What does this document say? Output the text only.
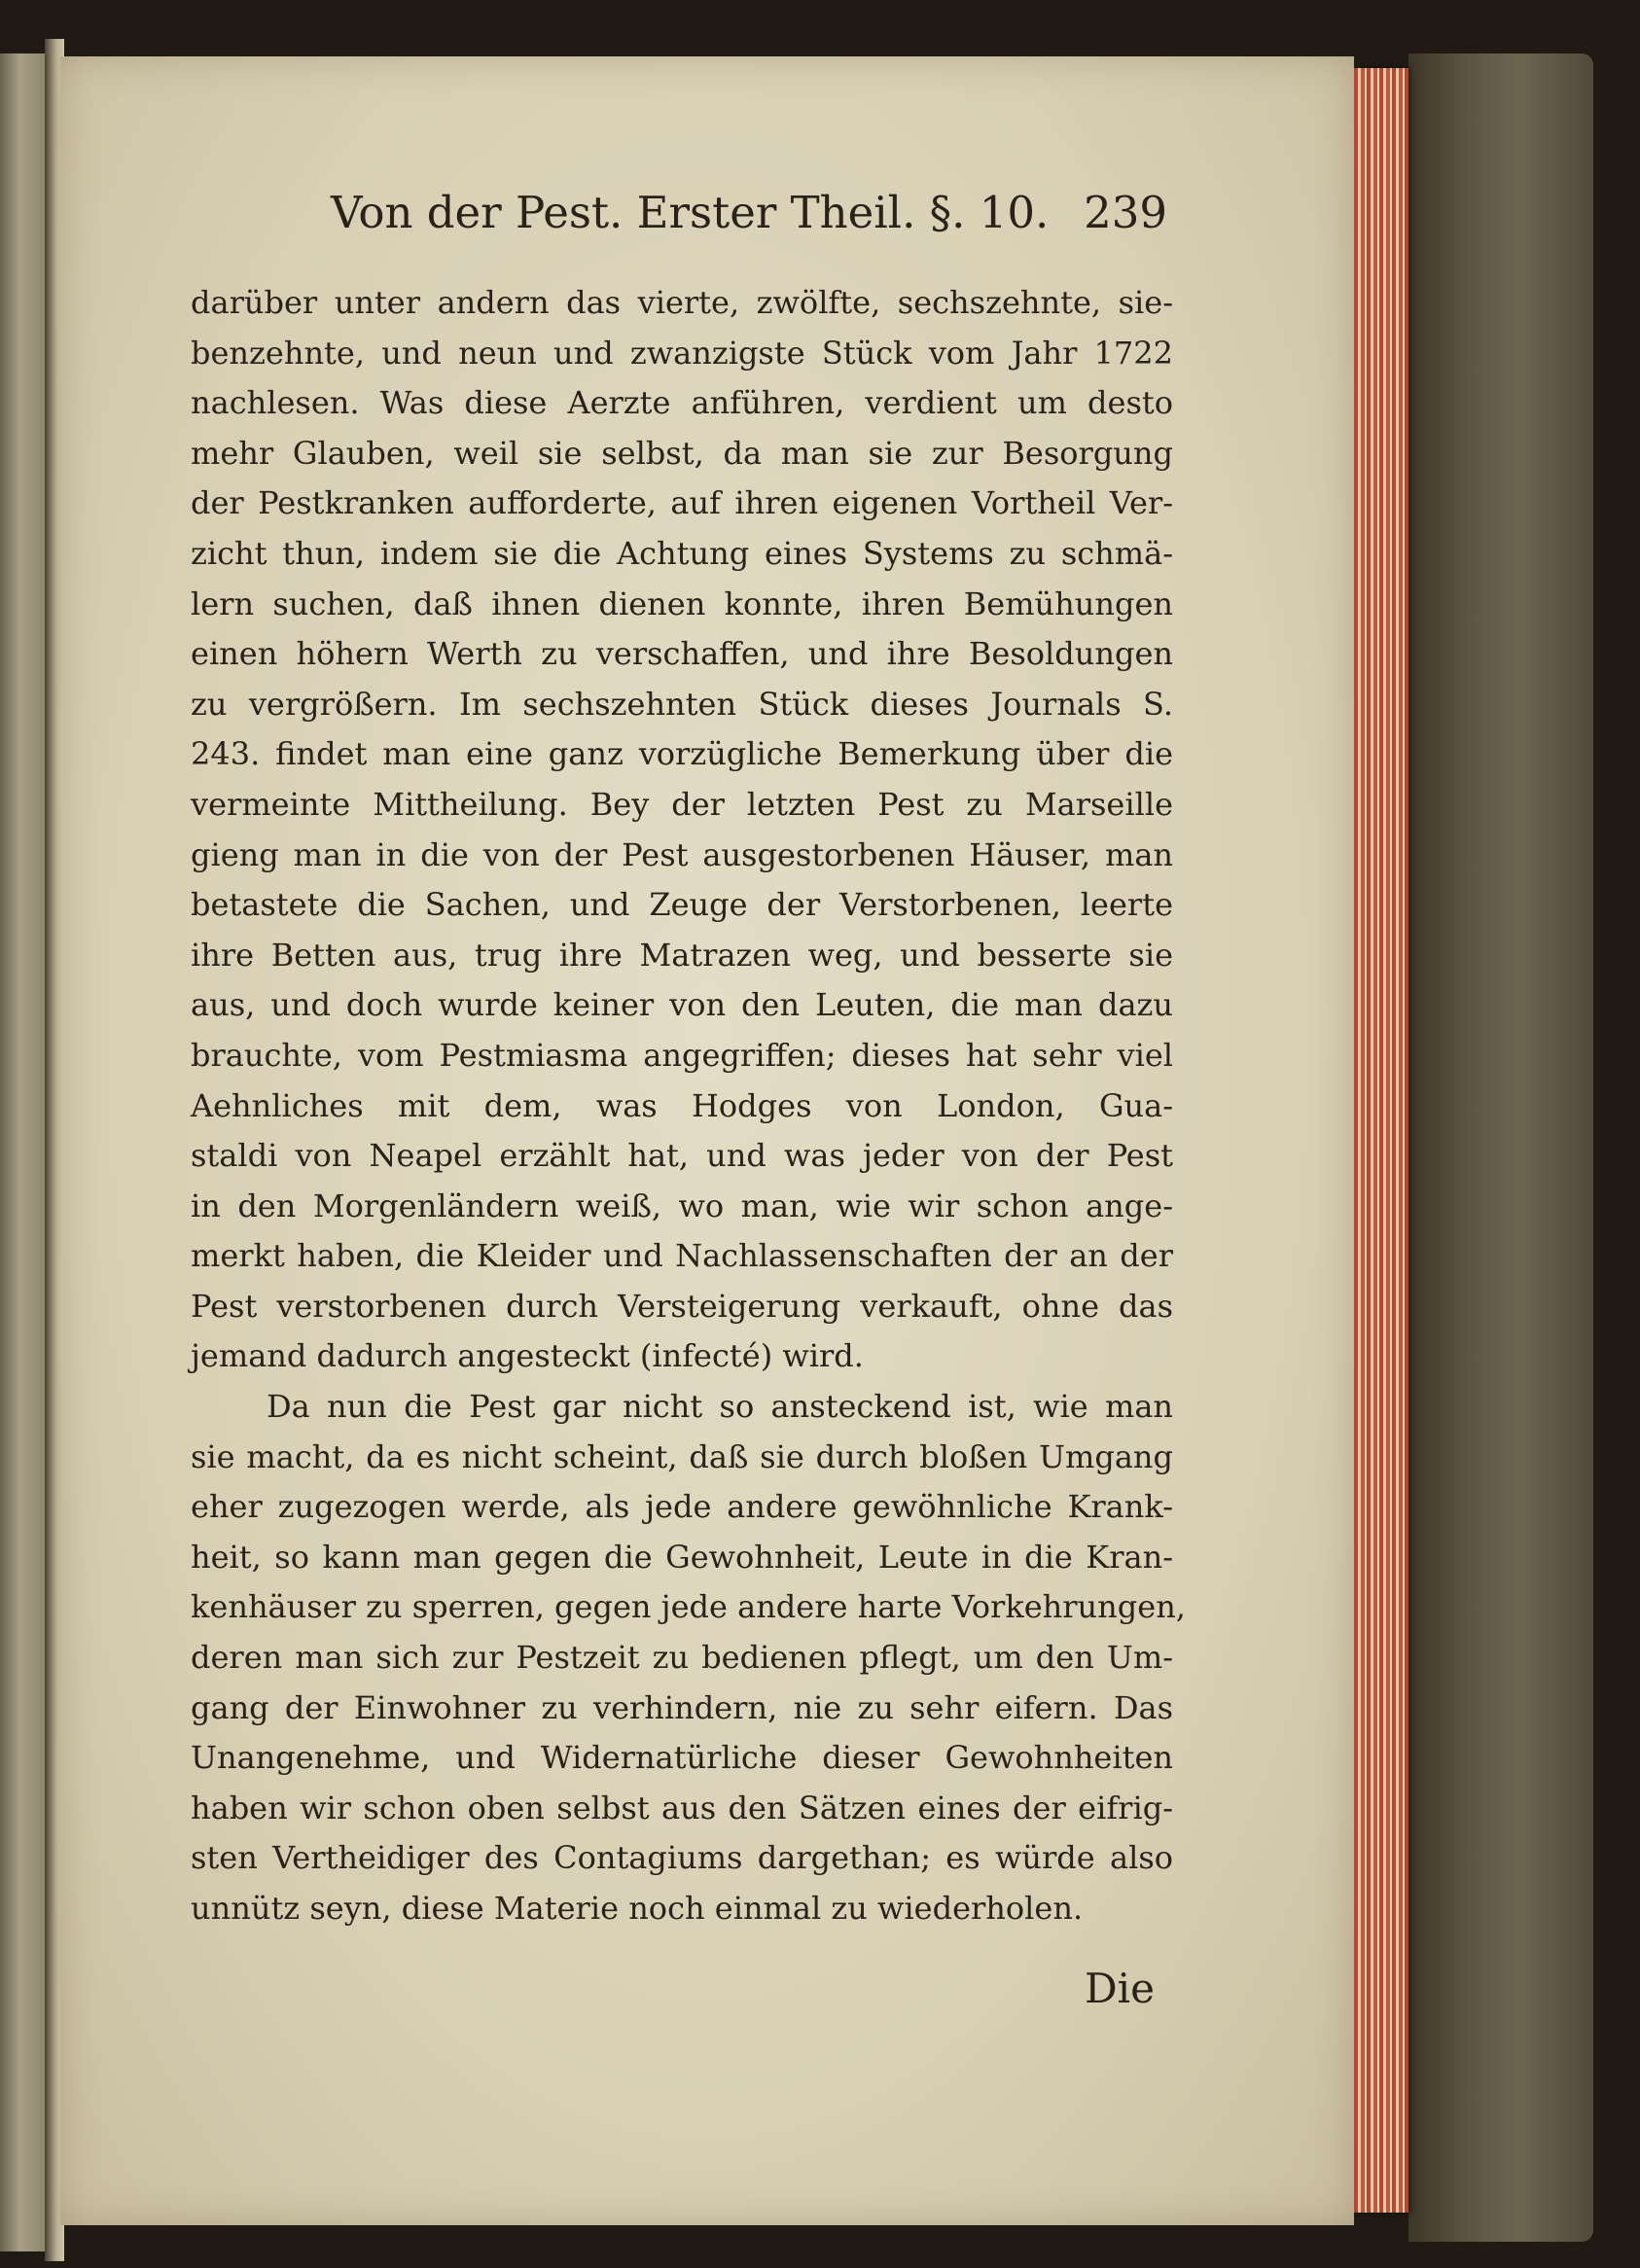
Von der Pest. Erster Theil. §. 10. 239
darüber unter andern das vierte, zwölfte, sechszehnte, sie-
benzehnte, und neun und zwanzigste Stück vom Jahr 1722
nachlesen. Was diese Aerzte anführen, verdient um desto
mehr Glauben, weil sie selbst, da man sie zur Besorgung
der Pestkranken aufforderte, auf ihren eigenen Vortheil Ver-
zicht thun, indem sie die Achtung eines Systems zu schmä-
lern suchen, daß ihnen dienen konnte, ihren Bemühungen
einen höhern Werth zu verschaffen, und ihre Besoldungen
zu vergrößern. Im sechszehnten Stück dieses Journals S.
243. findet man eine ganz vorzügliche Bemerkung über die
vermeinte Mittheilung. Bey der letzten Pest zu Marseille
gieng man in die von der Pest ausgestorbenen Häuser, man
betastete die Sachen, und Zeuge der Verstorbenen, leerte
ihre Betten aus, trug ihre Matrazen weg, und besserte sie
aus, und doch wurde keiner von den Leuten, die man dazu
brauchte, vom Pestmiasma angegriffen; dieses hat sehr viel
Aehnliches mit dem, was Hodges von London, Gua-
staldi von Neapel erzählt hat, und was jeder von der Pest
in den Morgenländern weiß, wo man, wie wir schon ange-
merkt haben, die Kleider und Nachlassenschaften der an der
Pest verstorbenen durch Versteigerung verkauft, ohne das
jemand dadurch angesteckt (infecté) wird.
Da nun die Pest gar nicht so ansteckend ist, wie man
sie macht, da es nicht scheint, daß sie durch bloßen Umgang
eher zugezogen werde, als jede andere gewöhnliche Krank-
heit, so kann man gegen die Gewohnheit, Leute in die Kran-
kenhäuser zu sperren, gegen jede andere harte Vorkehrungen,
deren man sich zur Pestzeit zu bedienen pflegt, um den Um-
gang der Einwohner zu verhindern, nie zu sehr eifern. Das
Unangenehme, und Widernatürliche dieser Gewohnheiten
haben wir schon oben selbst aus den Sätzen eines der eifrig-
sten Vertheidiger des Contagiums dargethan; es würde also
unnütz seyn, diese Materie noch einmal zu wiederholen.
Die
